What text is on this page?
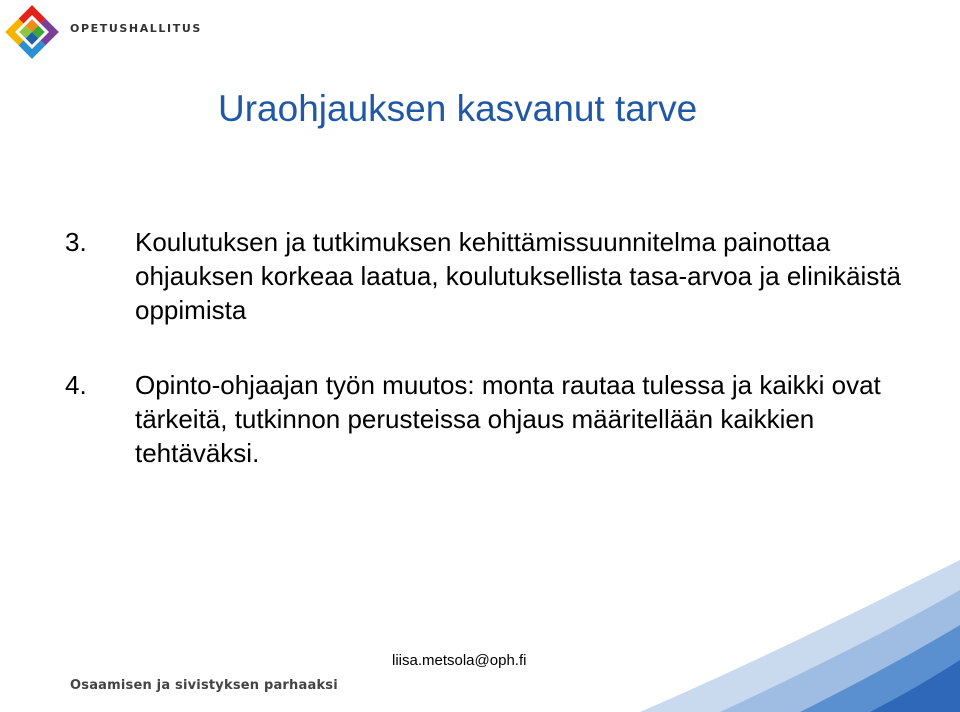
OPETUSHALLITUS
Uraohjauksen kasvanut tarve
3. Koulutuksen ja tutkimuksen kehittämissuunnitelma painottaa ohjauksen korkeaa laatua, koulutuksellista tasa-arvoa ja elinikäistä oppimista

4. Opinto-ohjaajan työn muutos: monta rautaa tulessa ja kaikki ovat tärkeitä, tutkinnon perusteissa ohjaus määritellään kaikkien tehtäväksi.

liisa.metsola@oph.fi
Osaamisen ja sivistyksen parhaaksi
